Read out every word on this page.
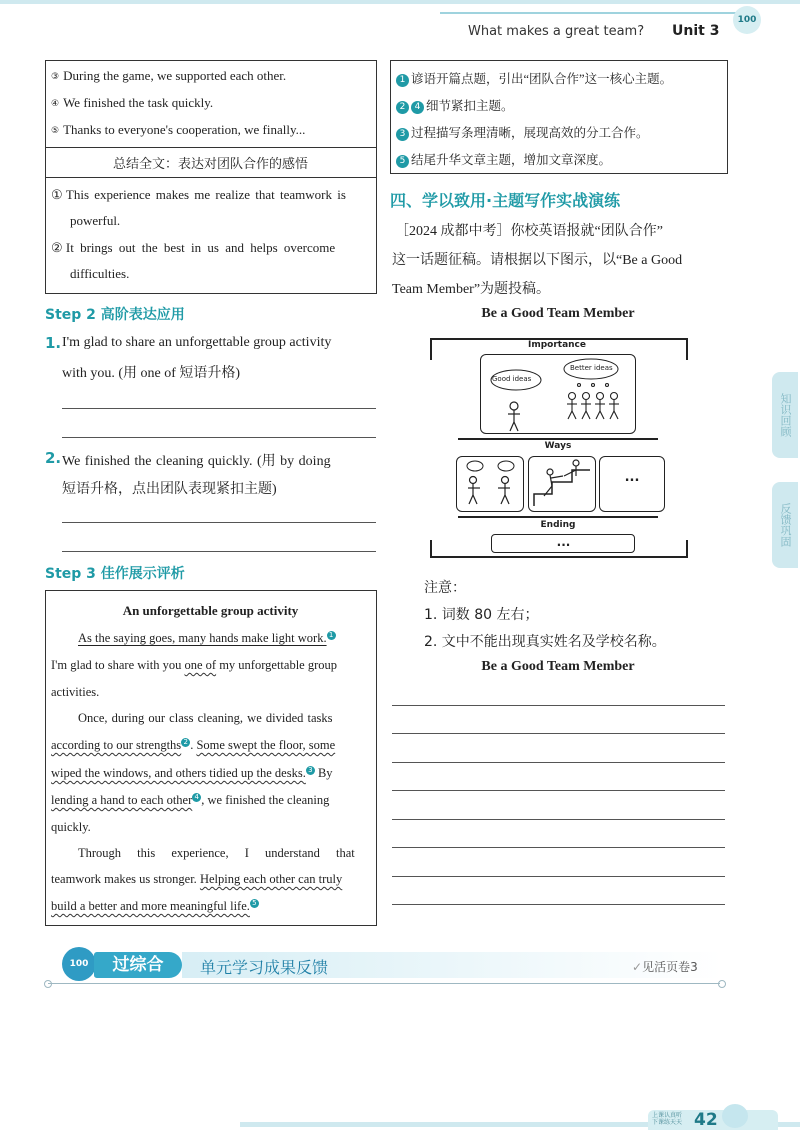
What makes a great team? Unit 3
100
③ During the game, we supported each other.
④ We finished the task quickly.
⑤ Thanks to everyone's cooperation, we finally...
总结全文：表达对团队合作的感悟
① This experience makes me realize that teamwork is
powerful.
② It brings out the best in us and helps overcome
difficulties.
Step 2 高阶表达应用
1. I'm glad to share an unforgettable group activity
with you. (用 one of 短语升格)
2. We finished the cleaning quickly. (用 by doing
短语升格，点出团队表现紧扣主题)
Step 3 佳作展示评析
An unforgettable group activity
As the saying goes, many hands make light work. $^1$
I'm glad to share with you one of my unforgettable group
activities.
Once, during our class cleaning, we divided tasks
according to our strengths $^2$ . Some swept the floor, some
wiped the windows, and others tidied up the desks. $^3$ By
lending a hand to each other $^4$ , we finished the cleaning
quickly.
Through this experience, I understand that
teamwork makes us stronger. Helping each other can truly
build a better and more meaningful life. $^5$
1 谚语开篇点题，引出“团队合作”这一核心主题。
2 4 细节紧扣主题。
3 过程描写条理清晰，展现高效的分工合作。
5 结尾升华文章主题，增加文章深度。
四、学以致用·主题写作实战演练
［2024 成都中考］你校英语报就“团队合作”
这一话题征稿。请根据以下图示，以“Be a Good
Team Member”为题投稿。
Be a Good Team Member
Importance
Good ideas
Better ideas
Ways
...
Ending
...
注意：
1. 词数 80 左右；
2. 文中不能出现真实姓名及学校名称。
Be a Good Team Member
知识回顾
反馈巩固
100	过综合	单元学习成果反馈	✓见活页卷3
上课认真听
下课练天天 42
